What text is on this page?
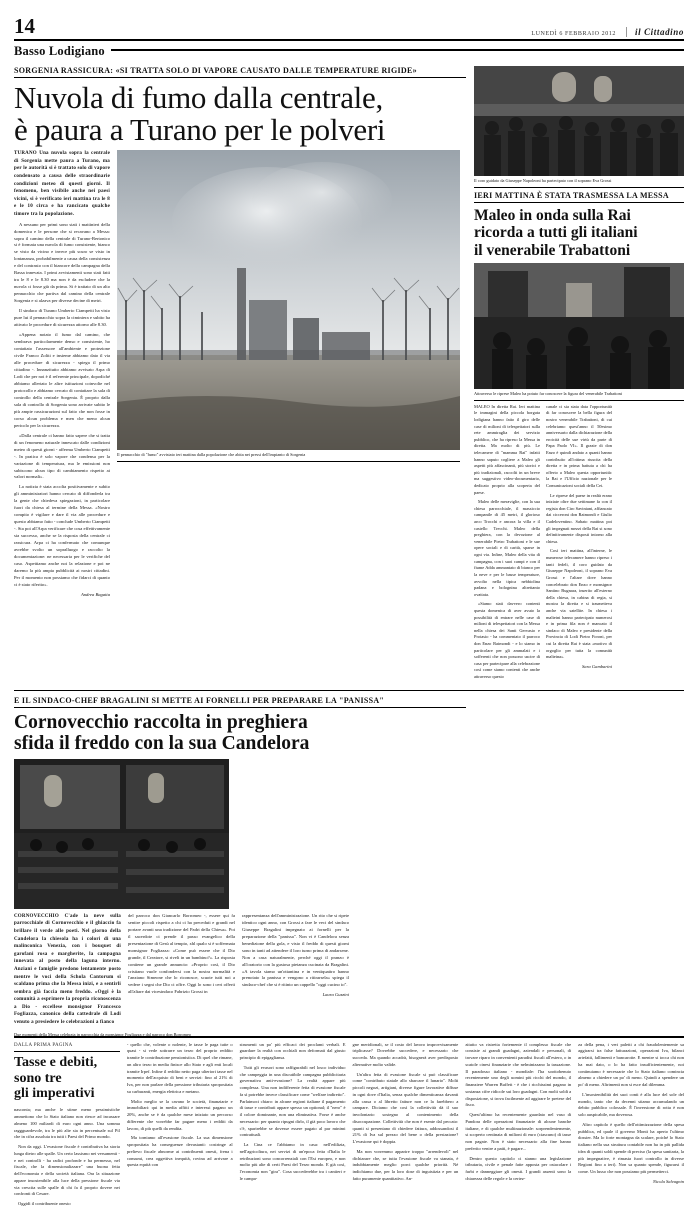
14	LUNEDÌ 6 FEBBRAIO 2012	il Cittadino
Basso Lodigiano
SORGENIA RASSICURA: «SI TRATTA SOLO DI VAPORE CAUSATO DALLE TEMPERATURE RIGIDE»
Nuvola di fumo dalla centrale,
è paura a Turano per le polveri

TURANO Una nuvola sopra la centrale di Sorgenia mette paura a Turano, ma per le autorità si è trattato solo di vapore condensato a causa delle straordinarie condizioni meteo di questi giorni. Il fenomeno, ben visibile anche nei paesi vicini, si è verificato ieri mattina tra le 8 e le 10 circa e ha rancicato qualche timore tra la popolazione.

A nessuno per primi sono stati i mattinieri della domenica e le persone che si recavano a Messa: sopra il camino della centrale di Turano-Bertonico si è formata una nuvola di fumo consistente, bianco se visto da vicino e invece più scuro se visto in lontananza, probabilmente a causa della consistenza e del contrasto con il biancore della campagna della Bassa innevata. I primi avvistamenti sono stati fatti tra le 8 e le 8.30 ma non è da escludere che la nuvola ci fosse già da prima. Si è trattato di un alto pennacchio che partiva dal camino della centrale Sorgenia e si alzava per diverse decine di metri.

Il sindaco di Turano Umberto Ciampetti ha visto pure lui il pennacchio sopra la ciminiera e subito ha attivato le procedure di sicurezza attorno alle 8.30.

«Appena notato il fumo dal camino, che sembrava particolarmente denso e consistente, ho contattato l'assessore all'ambiente e protezione civile Franco Zoliti e insieme abbiamo dato il via alle procedure di sicurezza - spiega il primo cittadino -. Innanzitutto abbiamo avvisato Arpa di Lodi che per noi è il referente principale, dopodiché abbiamo allertato le altre istituzioni coinvolte nel protocollo e abbiamo cercato di contattare la sala di controllo della centrale Sorgenia. È proprio dalla sala di controllo di Sorgenia sono arrivate subito le più ampie rassicurazioni sul fatto che non fosse in corso alcun problema e men che meno alcun pericolo per la sicurezza.

«Dalla centrale ci hanno fatto sapere che si tratta di un fenomeno naturale innescato dalle condizioni meteo di questi giorni - afferma Umberto Ciampetti -. In pratica è solo vapore che condensa per la variazione di temperatura, ma le emissioni non subiscono alcun tipo di cambiamento rispetto ai valori normali».

La notizia è stata accolta positivamente e subito gli amministratori hanno cercato di diffonderla tra la gente che chiedeva spiegazioni, in particolare fuori da chiesa al termine della Messa. «Nostro compito è vigilare e dare il via alle procedure e questo abbiamo fatto - conclude Umberto Ciampetti -. Sta poi all'Arpa verificare che cosa effettivamente sia successo, anche se la risposta della centrale ci rassicura. Arpa ci ha confermato che comunque avrebbe svolto un sopralluogo e raccolto la documentazione: ne necessaria per le verifiche del caso. Aspettiamo anche noi la relazione e poi ne daremo la più ampia pubblicità ai nostri cittadini. Per il momento non possiamo che fidarci di quanto ci è stato riferito».

Andrea Bagatta
Il pennacchio di "fumo" avvistato ieri mattina dalla popolazione che abita nei pressi dell'impianto di Sorgenia
Il coro guidato da Giuseppe Napoleoni ha partecipato con il soprano Eva Grossi
IERI MATTINA È STATA TRASMESSA LA MESSA
Maleo in onda sulla Rai
ricorda a tutti gli italiani
il venerabile Trabattoni
Attraverso le riprese Maleo ha potuto far conoscere la figura del venerabile Trabattoni

MALEO In diretta Rai. Ieri mattina le immagini della piccola borgata lodigiana hanno fatto il giro delle case di milioni di telespettatori sulla rete ammiraglia dei servizio pubblico, che ha ripreso la Messa in diretta. Ma molto di più. Le telecamere di "mamma Rai" infatti hanno saputo cogliere a Maleo gli aspetti più affascinanti, più storici e più tradizionali, raccolti in un breve ma suggestivo video-documentario, dedicato proprio alla scoperta del paese.

Maleo delle meraviglie, con la sua chiesa parrocchiale, il massiccio campanile di 45 metri, il glorioso arco Trocchi e ancora la villa e il castello Trecchi. Maleo della preghiera, con la devozione al venerabile Pietro Trabattoni e le sue opere sociali e di carità, sparse in ogni via. Infine, Maleo della vita di campagna, con i suoi campi e con il fiume Adda ammantato di bianco per la neve e per le basse temperature, avvolto nella tipica nebbiolina padana e bolognina altrettanto ovattata.

«Siamo stati davvero contenti questa domenica di aver avuto la possibilità di entrare nelle case di milioni di telespettatori con la Messa nella chiesa dei Santi Gervasio e Protasio - ha commentato il parroco don Enzo Raimondi - e lo siamo in particolare per gli ammalati e i sofferenti che non possono uscire di casa per partecipare alla celebrazione così come siamo contenti che anche attraverso questo

canale ci sia stata data l'opportunità di far conoscere la bella figura del nostro venerabile Trabattoni, di cui celebriamo quest'anno il 50esimo anniversario dalla dichiarazione della eroicità delle sue virtù da parte di Papa Paolo VI». Il grazie di don Enzo è quindi andato a quanti hanno contribuito all'ottima riuscita della diretta e in prima battuta a chi ha offerto a Maleo questa opportunità: la Rai e l'Ufficio nazionale per le Comunicazioni sociali della Cei.

Le riprese del paese in realtà erano iniziate oltre due settimane fa con il regista don Ciro Saviniani, affiancato dai cicceroni don Raimondi e Giulio Cadeloventino. Sabato mattina poi gli impegnati mezzi della Rai si sono definitivamente disposti intorno alla chiesa.

Così ieri mattina, all'interne, le numerose telecamere hanno ripreso i tanti fedeli, il coro guidato da Giuseppe Napoleoni, il soprano Eva Grossi e l'altare dove hanno concelebrato don Enzo e monsignor Santino Bugnara, inserito all'esterno della chiesa, in cabina di regia, si mostra la diretta e si trasmetteva anche via satellite. In chiesa i malteini hanno partecipato numerosi e in prima fila non è mancato il sindaco di Maleo e presidente della Provincia di Lodi Pietro Foroni, per cui la diretta Rai è stata «motivo di orgoglio per tutta la comunità malteina».

Sara Gambarini
E IL SINDACO-CHEF BRAGALINI SI METTE AI FORNELLI PER PREPARARE LA "PANISSA"
Cornovecchio raccolta in preghiera
sfida il freddo con la sua Candelora

CORNOVECCHIO C'ade la neve sulla parrocchiale di Cornovecchio e il ghiaccio fa brillare il verde alle poeti. Nel giorno della Candelora la chiesola ha i colori di una malinconica Venezia, con i bouquet di garofani rosa e margherite, la campagna innevata al posto della laguna interno. Anziani e famiglie predono lentamente posto mentre le voci della Schola Cantorum si scaldano prima che la Messa inizi, e a sentirli sembra già faccia meno freddo. «Oggi è la comunità a esprimere la propria riconoscenza a Dio - eccellese monsignor Francesco Fogliazza, canonico della cattedrale di Lodi venuto a presiedere le celebrazioni a fianco

del parroco don Giancarlo Borromeo -, essere qui fa sentire piccoli rispetto a chi ci ha preceduti e grandi nel portare avanti una tradizione del Padri della Chiesa». Poi il sacerdote ci prende il passo evangelico della presentazione di Gesù al tempio, xhl qualo si è soffermata monsignor Fogliazza: «Come può essere che il Dio grande, il Creatore, si riveli in un bambino?». La risposta contiene un grande annuncio: «Proprio così, il Dio cristiano vuole confondersi con la nostra normalità e l'anziano Simeone che lo riconosce, scuote tutti noi a vedere i segni che Dio ci offre. Oggi lo sono i ceri offerti all'altare dai vicesindaco Fabrizio Grossi in

rappresentanza dell'amministrazione. Un rito che si ripete identico ogni anno, con Grossi a fare le veci del sindaco Giuseppe Bragalini impegnato ai fornelli per la preparazione della "panissa". Non vi è Candelora senza benedizione della gola, e visto il freddo di questi giorni sono in tanti ad attendere il loro turno prima di andarsene. Non a casa naturalmente, perché oggi il pranzo è all'oratorio con la gustosa pietanza cucinata da Bragalini. «A tavola siamo un'ottantina e in ventiquattro hanno prenotato la panissa e vengono a ritirarsela» spiega il sindaco-chef che si è ritinto un cappello "oggi cucino io".

Laura Guzzini
Due momenti della Messa celebrata in parrocchia da monsignor Fogliazza e dal parroco don Borromeo
DALLA PRIMA PAGINA
Tasse e debiti,
sono tre
gli imperativi

nasconta; ma anche le stime meno pessimistiche ammettono che lo Stato italiano non riesce ad incassare almeno 100 miliardi di euro ogni anno. Una somma raggguardevole, tra le più alte sia in percentuale sul Pil che in cifra assoluta tra tutti i Paesi del Primo mondo.

Non da oggi. L'evasione fiscale è contributiva ha storia lunga dietro alle spalle. Un certo lassismo nei versamenti - e nei controlli - ha radici profonde e ha permesso, nel fiscale, che la dimensionalizzare" una buona fetta dell'economia e della società italiana. Ora la situazione appare insostenibile alla luce della pressione fiscale via via crescita sulle spalle di chi fa il proprio dovere nei confronti di Cesare.

Oggidì il contribuente onesto

- quello che, volente o nolente, le tasse le paga tutte o quasi - si vede sottrarre un terzo del proprio reddito tramite le contribuzione pensionistica. Di quel che rimane, un altro terzo in media finisce allo Stato e agli enti locali tramite Irpef. Infine il reddito netto paga ulteriori tasse nel momento dell'acquisto di beni e servizi: fino al 21% di Iva, per non parlare della pressione tributaria spropositata su carburanti, energia elettrica e metano.

Molto meglio se la cavano le società, finanziarie e immobiliari: qui in media affitti e interessi pagano un 20%, anche se è da qualche mese iniziato un percorso differente che vorrebbe far pagare meno i redditi da lavoro, di più quelli da rendita.

Ma torniamo all'evasione fiscale. La sua dimensione spropositata ha conseguenze devastanti: costringe al prelievo fiscale abnorme ai contribuenti onesti, frena i consumi, crea oggettiva inequità, rovina ad arrivare a questa equità con

strumenti un po' più efficaci dei proclami verbali. E guardare la realtà con occhiali non deformati dal giusto principio di epigagliansa.

Tutti gli evasori sono raffigurabili nel losco individuo che campeggia in una discutibile campagna pubblicitaria governativa anti-evasione? La realtà appare più complessa. Una non indifferente fetta di evasione fiscale fa sì potrebbe invece classificare come "welfare indiretto". Parlaimoci chiaro: in alcune regioni italiane il pagamento di tasse e contributi appare spesso un optional; il "nero" è il colore dominante, non una eliminativa. Forse è anche necessario: per quanto ripugni dirlo, il già poco lavoro che c'è, sparirebbe se dovesse essere pagato al par minimi contrattuali.

La Cina ce l'abbiamo in casa: nell'edilizia, nell'agricoltura, nei servizi di un'epoca fetta d'Italia le retribuzioni sono concorrenziali con l'Est europeo, e non molto più alte di certi Paesi del Terzo mondo. E già così, l'economia non "gira". Cosa succederebbe tra i cantieri e le campa-

gne meridionali, se il costo del lavoro improvvisamente triplicasse? Dovrebbe succedere, e necessario che succeda. Ma quando accadrà, bisognerà aver predisposto alternative molto valide.

Un'altra fetta di evasione fiscale si può classificare come "contributo statale allo sbarcare il lunario". Molti piccoli negozi, artigiani, diverse figure lavorative diffuse in ogni dove d'Italia, senza qualche dimenticanza davanti alla cassa o al libretto fatture non ce la farebbero a campare. Diciamo che così la collettività dà il suo involontario sostegno al contenimento della disoccupazione. Collettività che non è esente dal peccato: quanti si presentano di chiedere fattura, addossandosi il 21% di Iva sul prezzo del bene o della prestazione? L'evasione qui è doppia.

Ma non vorremmo apparire troppo "arrendevoli" nel dichiarare che, se tutta l'evasione fiscale va stanata, è indubbiamente meglio porci qualche priorità. Né indichiamo due, per la loro dose di inguistizia e per un fatto puramente quantitativo. An-

zitutto va ristretta fortemente il complesso fiscale che consiste ai grandi guadagni, aziendali e personali, di trovare riparo in convenienti paradisi fiscali all'estero, o in scatole cinesi finanziarie che nelminizzano la tassazione. Il paradosso italiano - mondiale: l'ha soottobenuto recentemente uno degli uomini più ricchi del mondo, il finanziere Warren Buffett - è che i ricchissimi pagano in sostanza cifre ridicole sui loro guadagni. Con molti soldi a disposizione, si trova facilmente ad aggirare le pretese del fisco.

Quest'ultimo ha recentemente guardato nel vaso di Pandora delle operazioni finanziarie di alcune banche italiane, e di qualche multinazionale: sorprendentemente, si scoperto centinaia di milioni di euro (ciascuno) di tasse non pagate. Non è stato necessario alla fine hanno preferito venire a patti, è pagare...

Dentro questo capitolo ci stanno una legislazione tributaria, civile e penale fatte apposta per ostacolare i furbi e danneggiare gli onesti. I grandi assenti sono la chiarezza delle regole e la certez-

za della pena, i veri paletti a chi fraudolentemente sa aggirarsi tra false fatturazioni, operazioni Iva, bilanci artefatti, fallimenti e bancarotte. E mentre si tocca chi non ha mai dato, o lo ha fatto insufficientemente, noi continuiamo è necessarie che lo Stato italiano comincia almeno a chiedere un po' di meno. Quindi a spendere un po' di meno. Altrimenti non si esce dal dilemma.

L'insostenibilità dei suoi conti è alla luce del sole del mondo, tanto che da decenni stiamo accumulando un debito pubblico colossale. È l'inversione di rotta è non solo auspicabile, ma doverosa.

Altro capitolo è quello dell'ottimizzazione della spesa pubblica, ed quale il governo Monti ha aperto l'ultimo dossier. Ma lo forte montagna da scalare, poiché lo Stato italiano nella sua struttura contabile non ha in più pallida idea di quanti soldi spende di preciso (la spesa sanitaria, la più impegnative, è rimasta fuori controllo in diverse Regioni fino a ieri). Non sa quanto spende, figurarsi il come. Un lusso che non possiamo più permetterci.

Nicola Salvagnin
